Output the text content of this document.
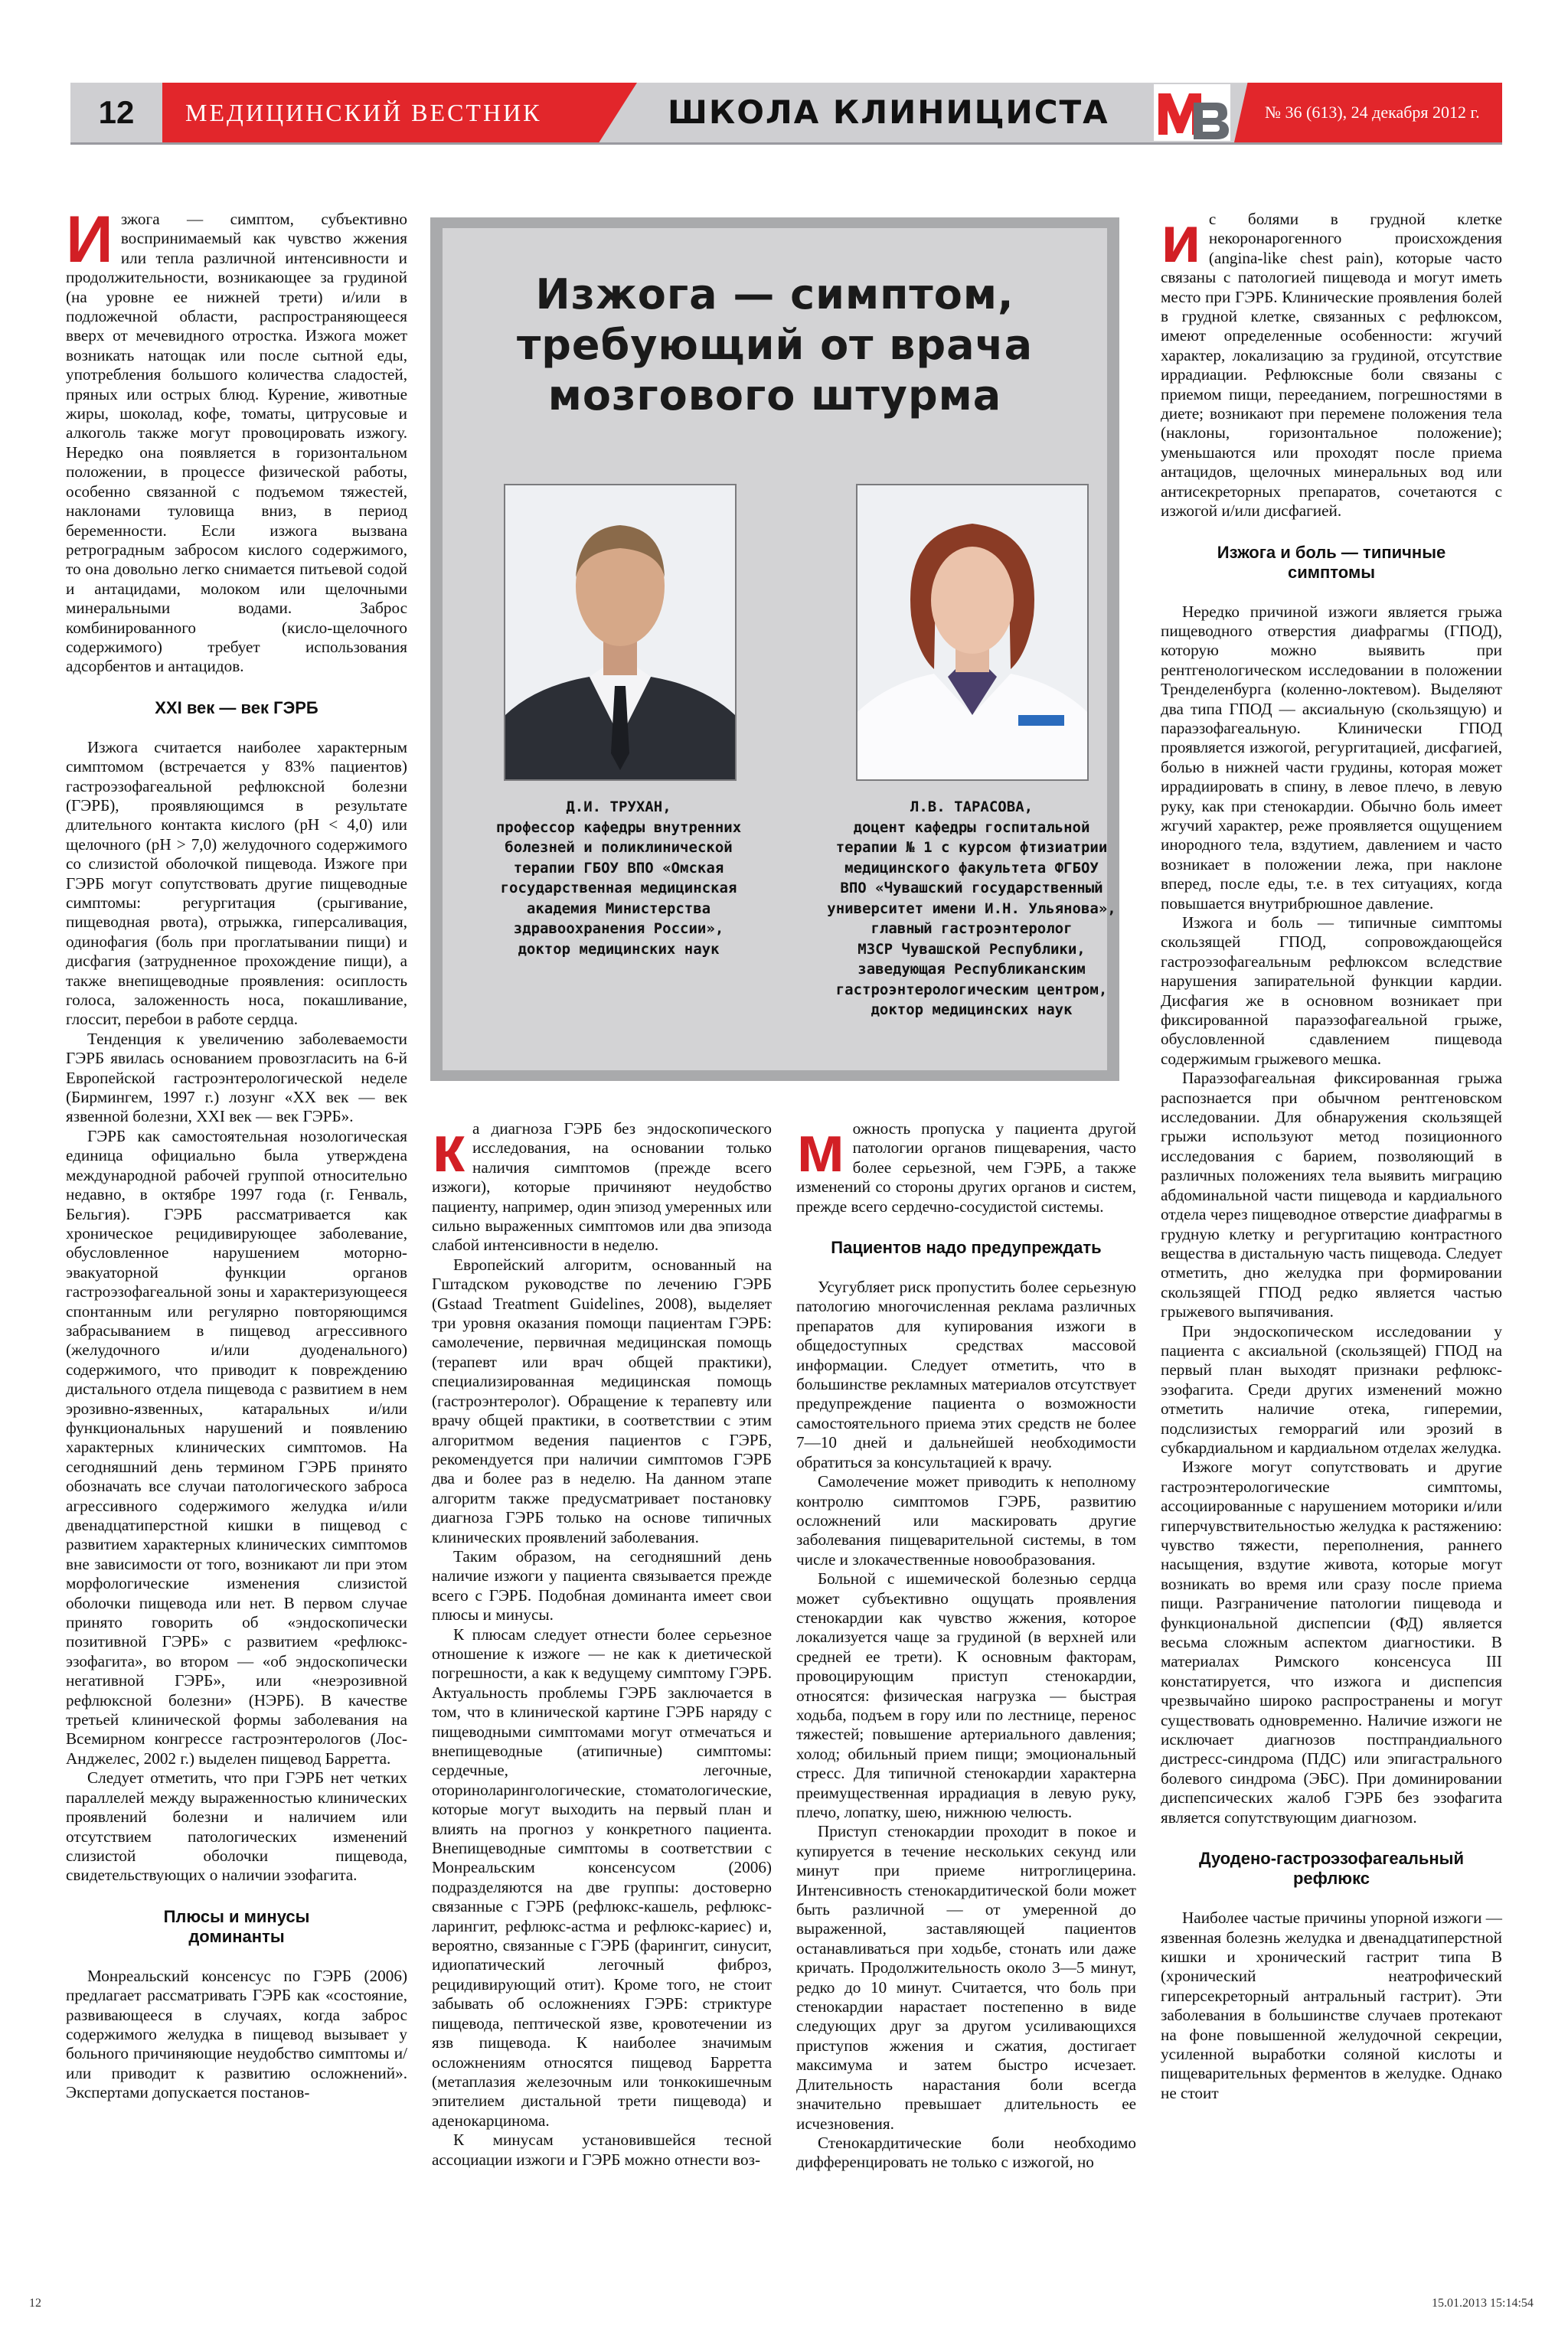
12	МЕДИЦИНСКИЙ ВЕСТНИК	ШКОЛА КЛИНИЦИСТА	№ 36 (613), 24 декабря 2012 г.

Изжога — симптом, субъективно воспринимаемый как чувство жжения или тепла различной интенсивности и продолжительности, возникающее за грудиной (на уровне ее нижней трети) и/или в подложечной области, распространяющееся вверх от мечевидного отростка. Изжога может возникать натощак или после сытной еды, употребления большого количества сладостей, пряных или острых блюд. Курение, животные жиры, шоколад, кофе, томаты, цитрусовые и алкоголь также могут провоцировать изжогу. Нередко она появляется в горизонтальном положении, в процессе физической работы, особенно связанной с подъемом тяжестей, наклонами туловища вниз, в период беременности. Если изжога вызвана ретроградным забросом кислого содержимого, то она довольно легко снимается питьевой содой и антацидами, молоком или щелочными минеральными водами. Заброс комбинированного (кисло-щелочного содержимого) требует использования адсорбентов и антацидов.

XXI век — век ГЭРБ

Изжога считается наиболее характерным симптомом (встречается у 83% пациентов) гастроэзофагеальной рефлюксной болезни (ГЭРБ), проявляющимся в результате длительного контакта кислого (рН < 4,0) или щелочного (рН > 7,0) желудочного содержимого со слизистой оболочкой пищевода. Изжоге при ГЭРБ могут сопутствовать другие пищеводные симптомы: регургитация (срыгивание, пищеводная рвота), отрыжка, гиперсаливация, одинофагия (боль при проглатывании пищи) и дисфагия (затрудненное прохождение пищи), а также внепищеводные проявления: осиплость голоса, заложенность носа, покашливание, глоссит, перебои в работе сердца.

Тенденция к увеличению заболеваемости ГЭРБ явилась основанием провозгласить на 6-й Европейской гастроэнтерологической неделе (Бирмингем, 1997 г.) лозунг «XX век — век язвенной болезни, XXI век — век ГЭРБ».

ГЭРБ как самостоятельная нозологическая единица официально была утверждена международной рабочей группой относительно недавно, в октябре 1997 года (г. Генваль, Бельгия). ГЭРБ рассматривается как хроническое рецидивирующее заболевание, обусловленное нарушением моторно-эвакуаторной функции органов гастроэзофагеальной зоны и характеризующееся спонтанным или регулярно повторяющимся забрасыванием в пищевод агрессивного (желудочного и/или дуоденального) содержимого, что приводит к повреждению дистального отдела пищевода с развитием в нем эрозивно-язвенных, катаральных и/или функциональных нарушений и появлению характерных клинических симптомов. На сегодняшний день термином ГЭРБ принято обозначать все случаи патологического заброса агрессивного содержимого желудка и/или двенадцатиперстной кишки в пищевод с развитием характерных клинических симптомов вне зависимости от того, возникают ли при этом морфологические изменения слизистой оболочки пищевода или нет. В первом случае принято говорить об «эндоскопически позитивной ГЭРБ» с развитием «рефлюкс-эзофагита», во втором — «об эндоскопически негативной ГЭРБ», или «неэрозивной рефлюксной болезни» (НЭРБ). В качестве третьей клинической формы заболевания на Всемирном конгрессе гастроэнтерологов (Лос-Анджелес, 2002 г.) выделен пищевод Барретта.

Следует отметить, что при ГЭРБ нет четких параллелей между выраженностью клинических проявлений болезни и наличием или отсутствием патологических изменений слизистой оболочки пищевода, свидетельствующих о наличии эзофагита.

Плюсы и минусы
доминанты

Монреальский консенсус по ГЭРБ (2006) предлагает рассматривать ГЭРБ как «состояние, развивающееся в случаях, когда заброс содержимого желудка в пищевод вызывает у больного причиняющие неудобство симптомы и/или приводит к развитию осложнений». Экспертами допускается постанов-

Изжога — симптом,
требующий от врача
мозгового штурма
Д.И. ТРУХАН,
профессор кафедры внутренних
болезней и поликлинической
терапии ГБОУ ВПО «Омская
государственная медицинская
академия Министерства
здравоохранения России»,
доктор медицинских наук
Л.В. ТАРАСОВА,
доцент кафедры госпитальной
терапии № 1 с курсом фтизиатрии
медицинского факультета ФГБОУ
ВПО «Чувашский государственный
университет имени И.Н. Ульянова»,
главный гастроэнтеролог
МЗСР Чувашской Республики,
заведующая Республиканским
гастроэнтерологическим центром,
доктор медицинских наук

ка диагноза ГЭРБ без эндоскопического исследования, на основании только наличия симптомов (прежде всего изжоги), которые причиняют неудобство пациенту, например, один эпизод умеренных или сильно выраженных симптомов или два эпизода слабой интенсивности в неделю.

Европейский алгоритм, основанный на Гштадском руководстве по лечению ГЭРБ (Gstaad Treatment Guidelines, 2008), выделяет три уровня оказания помощи пациентам ГЭРБ: самолечение, первичная медицинская помощь (терапевт или врач общей практики), специализированная медицинская помощь (гастроэнтеролог). Обращение к терапевту или врачу общей практики, в соответствии с этим алгоритмом ведения пациентов с ГЭРБ, рекомендуется при наличии симптомов ГЭРБ два и более раз в неделю. На данном этапе алгоритм также предусматривает постановку диагноза ГЭРБ только на основе типичных клинических проявлений заболевания.

Таким образом, на сегодняшний день наличие изжоги у пациента связывается прежде всего с ГЭРБ. Подобная доминанта имеет свои плюсы и минусы.

К плюсам следует отнести более серьезное отношение к изжоге — не как к диетической погрешности, а как к ведущему симптому ГЭРБ. Актуальность проблемы ГЭРБ заключается в том, что в клинической картине ГЭРБ наряду с пищеводными симптомами могут отмечаться и внепищеводные (атипичные) симптомы: сердечные, легочные, оториноларингологические, стоматологические, которые могут выходить на первый план и влиять на прогноз у конкретного пациента. Внепищеводные симптомы в соответствии с Монреальским консенсусом (2006) подразделяются на две группы: достоверно связанные с ГЭРБ (рефлюкс-кашель, рефлюкс-ларингит, рефлюкс-астма и рефлюкс-кариес) и, вероятно, связанные с ГЭРБ (фарингит, синусит, идиопатический легочный фиброз, рецидивирующий отит). Кроме того, не стоит забывать об осложнениях ГЭРБ: стриктуре пищевода, пептической язве, кровотечении из язв пищевода. К наиболее значимым осложнениям относятся пищевод Барретта (метаплазия железочным или тонкокишечным эпителием дистальной трети пищевода) и аденокарцинома.

К минусам установившейся тесной ассоциации изжоги и ГЭРБ можно отнести воз-

можность пропуска у пациента другой патологии органов пищеварения, часто более серьезной, чем ГЭРБ, а также изменений со стороны других органов и систем, прежде всего сердечно-сосудистой системы.

Пациентов надо предупреждать

Усугубляет риск пропустить более серьезную патологию многочисленная реклама различных препаратов для купирования изжоги в общедоступных средствах массовой информации. Следует отметить, что в большинстве рекламных материалов отсутствует предупреждение пациента о возможности самостоятельного приема этих средств не более 7—10 дней и дальнейшей необходимости обратиться за консультацией к врачу.

Самолечение может приводить к неполному контролю симптомов ГЭРБ, развитию осложнений или маскировать другие заболевания пищеварительной системы, в том числе и злокачественные новообразования.

Больной с ишемической болезнью сердца может субъективно ощущать проявления стенокардии как чувство жжения, которое локализуется чаще за грудиной (в верхней или средней ее трети). К основным факторам, провоцирующим приступ стенокардии, относятся: физическая нагрузка — быстрая ходьба, подъем в гору или по лестнице, перенос тяжестей; повышение артериального давления; холод; обильный прием пищи; эмоциональный стресс. Для типичной стенокардии характерна преимущественная иррадиация в левую руку, плечо, лопатку, шею, нижнюю челюсть.

Приступ стенокардии проходит в покое и купируется в течение нескольких секунд или минут при приеме нитроглицерина. Интенсивность стенокардитической боли может быть различной — от умеренной до выраженной, заставляющей пациентов останавливаться при ходьбе, стонать или даже кричать. Продолжительность около 3—5 минут, редко до 10 минут. Считается, что боль при стенокардии нарастает постепенно в виде следующих друг за другом усиливающихся приступов жжения и сжатия, достигает максимума и затем быстро исчезает. Длительность нарастания боли всегда значительно превышает длительность ее исчезновения.

Стенокардитические боли необходимо дифференцировать не только с изжогой, но

ис болями в грудной клетке некоронарогенного происхождения (angina-like chest pain), которые часто связаны с патологией пищевода и могут иметь место при ГЭРБ. Клинические проявления болей в грудной клетке, связанных с рефлюксом, имеют определенные особенности: жгучий характер, локализацию за грудиной, отсутствие иррадиации. Рефлюксные боли связаны с приемом пищи, перееданием, погрешностями в диете; возникают при перемене положения тела (наклоны, горизонтальное положение); уменьшаются или проходят после приема антацидов, щелочных минеральных вод или антисекреторных препаратов, сочетаются с изжогой и/или дисфагией.

Изжога и боль — типичные
симптомы

Нередко причиной изжоги является грыжа пищеводного отверстия диафрагмы (ГПОД), которую можно выявить при рентгенологическом исследовании в положении Тренделенбурга (коленно-локтевом). Выделяют два типа ГПОД — аксиальную (скользящую) и параэзофагеальную. Клинически ГПОД проявляется изжогой, регургитацией, дисфагией, болью в нижней части грудины, которая может иррадиировать в спину, в левое плечо, в левую руку, как при стенокардии. Обычно боль имеет жгучий характер, реже проявляется ощущением инородного тела, вздутием, давлением и часто возникает в положении лежа, при наклоне вперед, после еды, т.е. в тех ситуациях, когда повышается внутрибрюшное давление.

Изжога и боль — типичные симптомы скользящей ГПОД, сопровождающейся гастроэзофагеальным рефлюксом вследствие нарушения запирательной функции кардии. Дисфагия же в основном возникает при фиксированной параэзофагеальной грыже, обусловленной сдавлением пищевода содержимым грыжевого мешка.

Параэзофагеальная фиксированная грыжа распознается при обычном рентгеновском исследовании. Для обнаружения скользящей грыжи используют метод позиционного исследования с барием, позволяющий в различных положениях тела выявить миграцию абдоминальной части пищевода и кардиального отдела через пищеводное отверстие диафрагмы в грудную клетку и регургитацию контрастного вещества в дистальную часть пищевода. Следует отметить, дно желудка при формировании скользящей ГПОД редко является частью грыжевого выпячивания.

При эндоскопическом исследовании у пациента с аксиальной (скользящей) ГПОД на первый план выходят признаки рефлюкс-эзофагита. Среди других изменений можно отметить наличие отека, гиперемии, подслизистых геморрагий или эрозий в субкардиальном и кардиальном отделах желудка.

Изжоге могут сопутствовать и другие гастроэнтерологические симптомы, ассоциированные с нарушением моторики и/или гиперчувствительностью желудка к растяжению: чувство тяжести, переполнения, раннего насыщения, вздутие живота, которые могут возникать во время или сразу после приема пищи. Разграничение патологии пищевода и функциональной диспепсии (ФД) является весьма сложным аспектом диагностики. В материалах Римского консенсуса III констатируется, что изжога и диспепсия чрезвычайно широко распространены и могут существовать одновременно. Наличие изжоги не исключает диагнозов постпрандиального дистресс-синдрома (ПДС) или эпигастрального болевого синдрома (ЭБС). При доминировании диспепсических жалоб ГЭРБ без эзофагита является сопутствующим диагнозом.

Дуодено-гастроэзофагеальный
рефлюкс

Наиболее частые причины упорной изжоги — язвенная болезнь желудка и двенадцатиперстной кишки и хронический гастрит типа В (хронический неатрофический гиперсекреторный антральный гастрит). Эти заболевания в большинстве случаев протекают на фоне повышенной желудочной секреции, усиленной выработки соляной кислоты и пищеварительных ферментов в желудке. Однако не стоит

12	15.01.2013 15:14:54
